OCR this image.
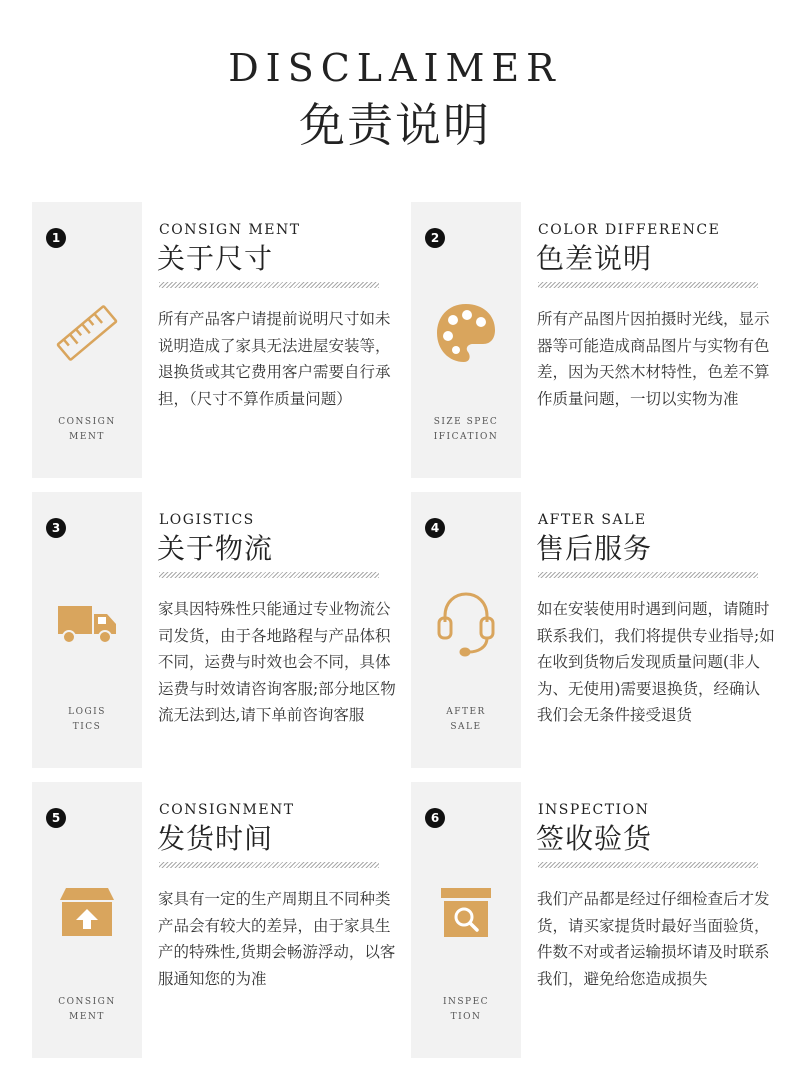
DISCLAIMER
免责说明
1
CONSIGN
MENT
CONSIGN MENT
关于尺寸

所有产品客户请提前说明尺寸如未说明造成了家具无法进屋安装等，退换货或其它费用客户需要自行承担，（尺寸不算作质量问题）

2
SIZE SPEC
IFICATION
COLOR DIFFERENCE
色差说明

所有产品图片因拍摄时光线，显示器等可能造成商品图片与实物有色差，因为天然木材特性，色差不算作质量问题，一切以实物为准

3
LOGIS
TICS
LOGISTICS
关于物流

家具因特殊性只能通过专业物流公司发货，由于各地路程与产品体积不同，运费与时效也会不同，具体运费与时效请咨询客服;部分地区物流无法到达,请下单前咨询客服

4
AFTER
SALE
AFTER SALE
售后服务

如在安装使用时遇到问题，请随时联系我们，我们将提供专业指导;如在收到货物后发现质量问题(非人为、无使用)需要退换货，经确认我们会无条件接受退货

5
CONSIGN
MENT
CONSIGNMENT
发货时间

家具有一定的生产周期且不同种类产品会有较大的差异，由于家具生产的特殊性,货期会畅游浮动，以客服通知您的为准

6
INSPEC
TION
INSPECTION
签收验货

我们产品都是经过仔细检查后才发货，请买家提货时最好当面验货，件数不对或者运输损坏请及时联系我们，避免给您造成损失
